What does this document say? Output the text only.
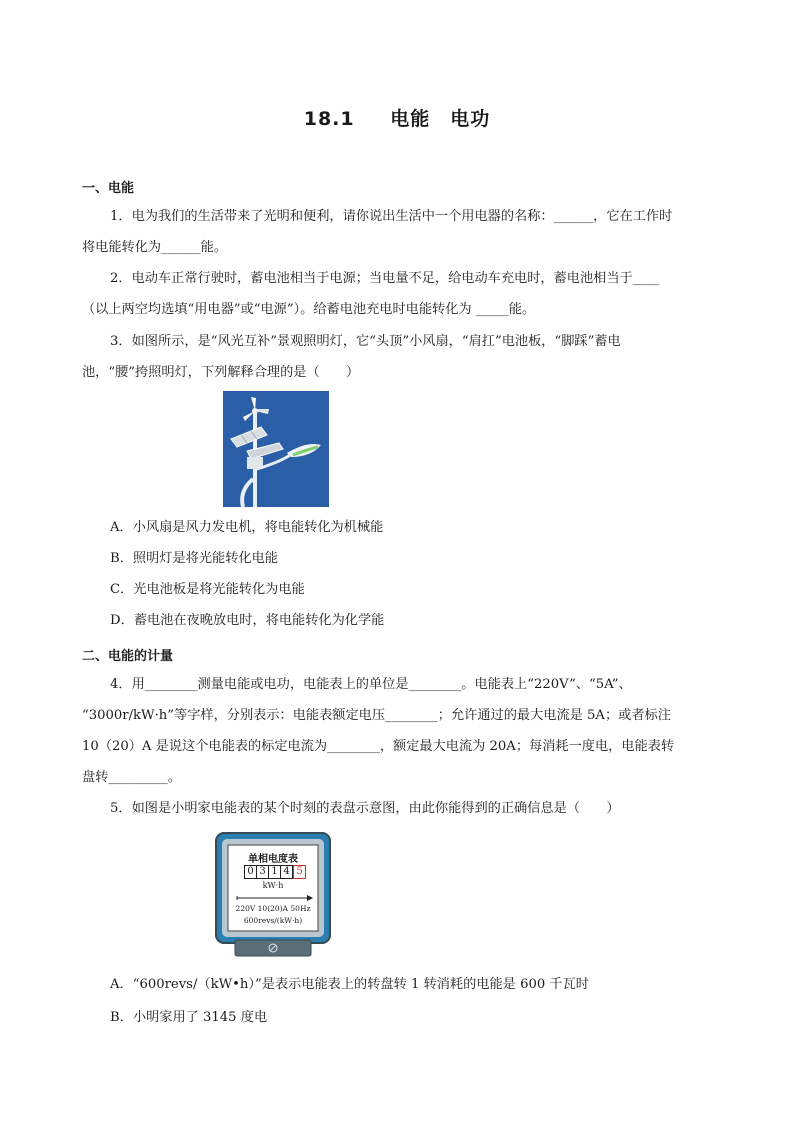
18.1 电能　电功
一、电能
1．电为我们的生活带来了光明和便利，请你说出生活中一个用电器的名称：______，它在工作时
将电能转化为______能。
2．电动车正常行驶时，蓄电池相当于电源；当电量不足，给电动车充电时，蓄电池相当于____
（以上两空均选填“用电器”或“电源”）。给蓄电池充电时电能转化为 _____能。
3．如图所示，是“风光互补”景观照明灯，它“头顶”小风扇，“肩扛”电池板，“脚踩”蓄电
池，“腰”挎照明灯，下列解释合理的是（　　）
A．小风扇是风力发电机，将电能转化为机械能
B．照明灯是将光能转化电能
C．光电池板是将光能转化为电能
D．蓄电池在夜晚放电时，将电能转化为化学能
二、电能的计量
4．用________测量电能或电功，电能表上的单位是________。电能表上“220V”、“5A”、
“3000r/kW·h”等字样，分别表示：电能表额定电压________；允许通过的最大电流是 5A；或者标注
10（20）A 是说这个电能表的标定电流为________，额定最大电流为 20A；每消耗一度电，电能表转
盘转_________。
5．如图是小明家电能表的某个时刻的表盘示意图，由此你能得到的正确信息是（　　）
单相电度表
0 3 1 4 5
kW·h
220V 10(20)A 50Hz
600revs/(kW·h)
A．“600revs/（kW•h）”是表示电能表上的转盘转 1 转消耗的电能是 600 千瓦时
B．小明家用了 3145 度电
